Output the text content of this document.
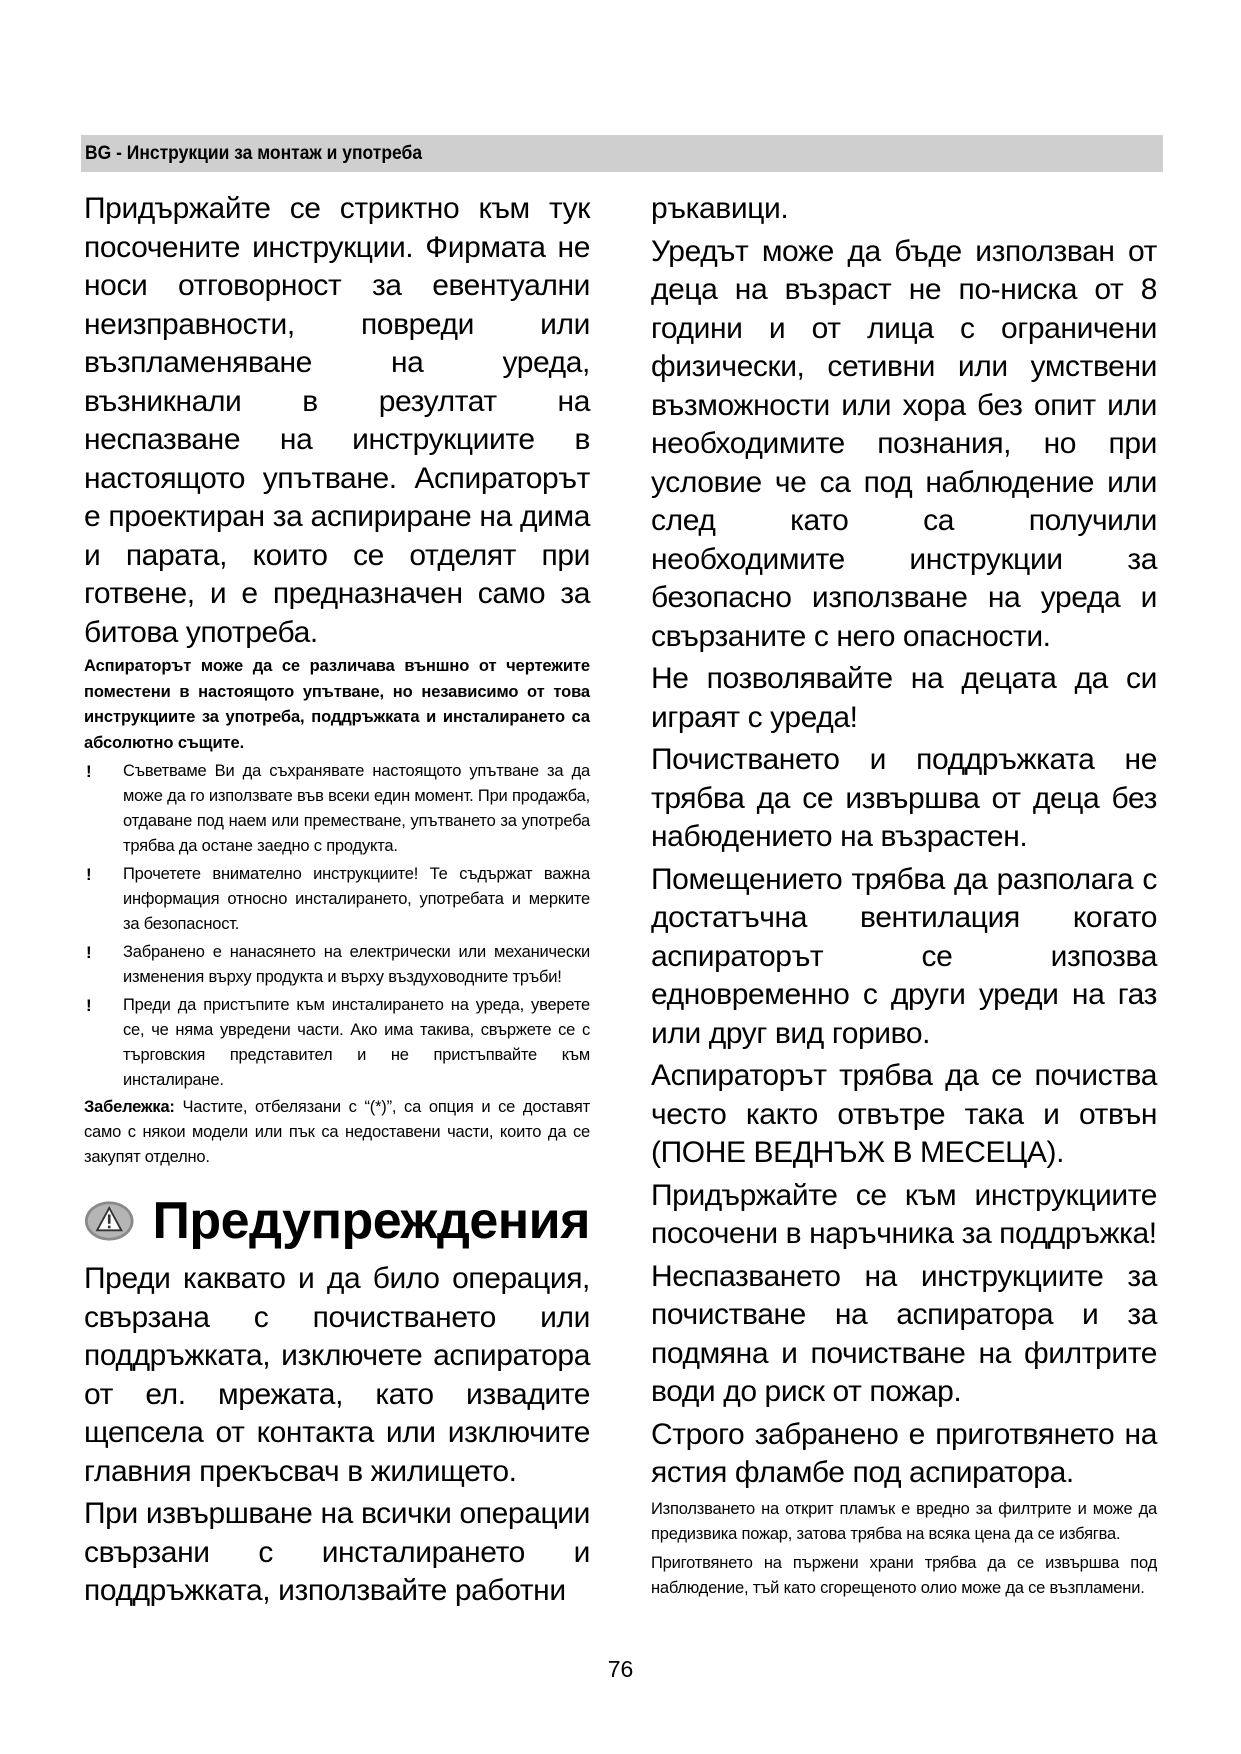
BG - Инструкции за монтаж и употреба

Придържайте се стриктно към тук посочените инструкции. Фирмата не носи отговорност за евентуални неизправности, повреди или възпламеняване на уреда, възникнали в резултат на неспазване на инструкциите в настоящото упътване. Аспираторът е проектиран за аспириране на дима и парата, които се отделят при готвене, и е предназначен само за битова употреба.

Аспираторът може да се различава външно от чертежите поместени в настоящото упътване, но независимо от това инструкциите за употреба, поддръжката и инсталирането са абсолютно същите.

! Съветваме Ви да съхранявате настоящото упътване за да може да го използвате във всеки един момент. При продажба, отдаване под наем или преместване, упътването за употреба трябва да остане заедно с продукта.
! Прочетете внимателно инструкциите! Те съдържат важна информация относно инсталирането, употребата и мерките за безопасност.
! Забранено е нанасянето на електрически или механически изменения върху продукта и върху въздуховодните тръби!
! Преди да пристъпите към инсталирането на уреда, уверете се, че няма увредени части. Ако има такива, свържете се с търговския представител и не пристъпвайте към инсталиране.

Забележка: Частите, отбелязани с “(*)”, са опция и се доставят само с някои модели или пък са недоставени части, които да се закупят отделно.

Предупреждения

Преди каквато и да било операция, свързана с почистването или поддръжката, изключете аспиратора от ел. мрежата, като извадите щепсела от контакта или изключите главния прекъсвач в жилището.

При извършване на всички операции свързани с инсталирането и поддръжката, използвайте работни

ръкавици.

Уредът може да бъде използван от деца на възраст не по-ниска от 8 години и от лица с ограничени физически, сетивни или умствени възможности или хора без опит или необходимите познания, но при условие че са под наблюдение или след като са получили необходимите инструкции за безопасно използване на уреда и свързаните с него опасности.

Не позволявайте на децата да си играят с уреда!

Почистването и поддръжката не трябва да се извършва от деца без набюдението на възрастен.

Помещението трябва да разполага с достатъчна вентилация когато аспираторът се изпозва едновременно с други уреди на газ или друг вид гориво.

Аспираторът трябва да се почиства често както отвътре така и отвън (ПОНЕ ВЕДНЪЖ В МЕСЕЦА).

Придържайте се към инструкциите посочени в наръчника за поддръжка!

Неспазването на инструкциите за почистване на аспиратора и за подмяна и почистване на филтрите води до риск от пожар.

Строго забранено е приготвянето на ястия фламбе под аспиратора.

Използването на открит пламък е вредно за филтрите и може да предизвика пожар, затова трябва на всяка цена да се избягва.

Приготвянето на пържени храни трябва да се извършва под наблюдение, тъй като сгорещеното олио може да се възпламени.

76
